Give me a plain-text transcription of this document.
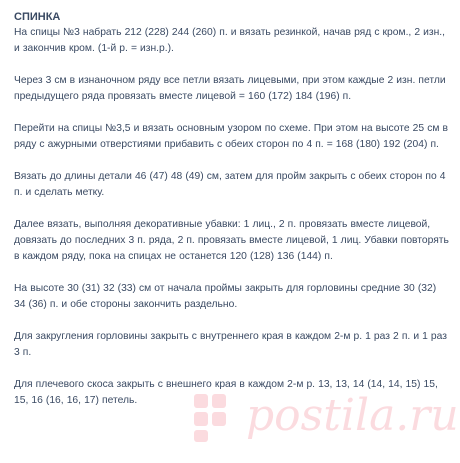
СПИНКА

На спицы №3 набрать 212 (228) 244 (260) п. и вязать резинкой, начав ряд с кром., 2 изн., и закончив кром. (1-й р. = изн.р.).

Через 3 см в изнаночном ряду все петли вязать лицевыми, при этом каждые 2 изн. петли предыдущего ряда провязать вместе лицевой = 160 (172) 184 (196) п.

Перейти на спицы №3,5 и вязать основным узором по схеме. При этом на высоте 25 см в ряду с ажурными отверстиями прибавить с обеих сторон по 4 п. = 168 (180) 192 (204) п.

Вязать до длины детали 46 (47) 48 (49) см, затем для пройм закрыть с обеих сторон по 4 п. и сделать метку.

Далее вязать, выполняя декоративные убавки: 1 лиц., 2 п. провязать вместе лицевой, довязать до последних 3 п. ряда, 2 п. провязать вместе лицевой, 1 лиц. Убавки повторять в каждом ряду, пока на спицах не останется 120 (128) 136 (144) п.

На высоте 30 (31) 32 (33) см от начала проймы закрыть для горловины средние 30 (32) 34 (36) п. и обе стороны закончить раздельно.

Для закругления горловины закрыть с внутреннего края в каждом 2-м р. 1 раз 2 п. и 1 раз 3 п.

Для плечевого скоса закрыть с внешнего края в каждом 2-м р. 13, 13, 14 (14, 14, 15) 15, 15, 16 (16, 16, 17) петель.	postila.ru
